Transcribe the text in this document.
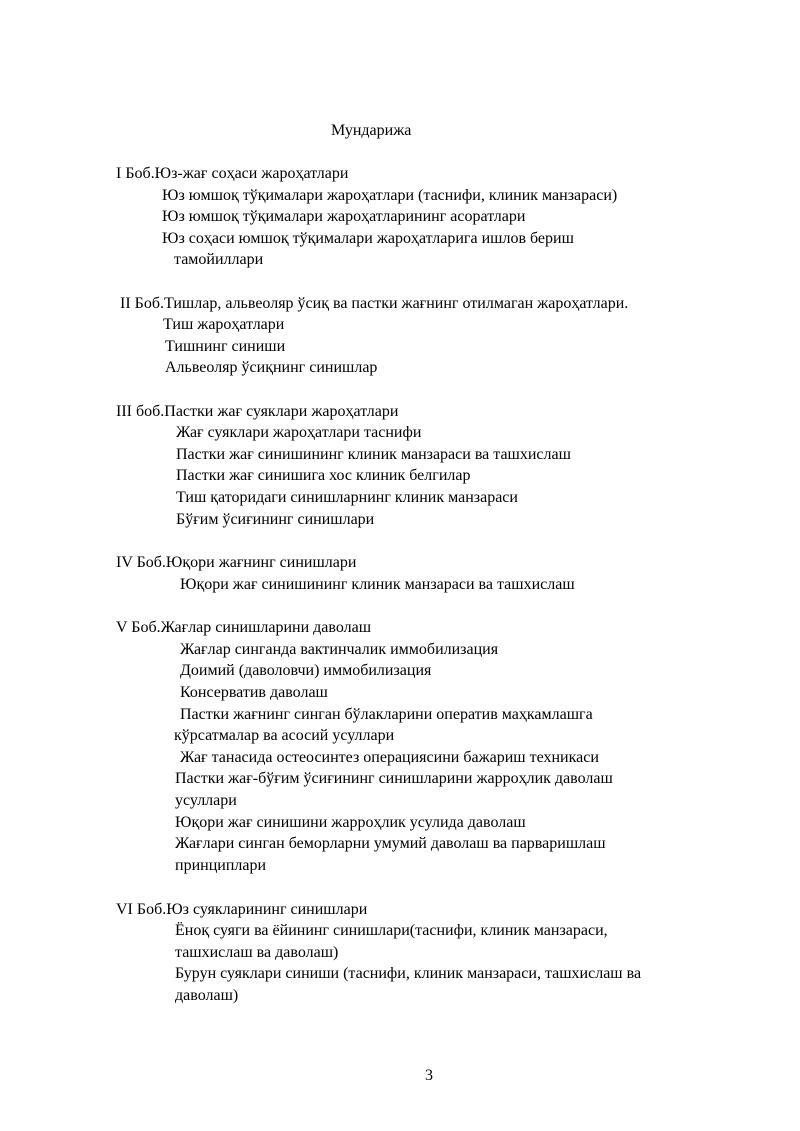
Мундарижа
I Боб.Юз-жағ соҳаси жароҳатлари
Юз юмшоқ тўқималари жароҳатлари (таснифи, клиник манзараси)
Юз юмшоқ тўқималари жароҳатларининг асоратлари
Юз соҳаси юмшоқ тўқималари жароҳатларига ишлов бериш
тамойиллари
II Боб.Тишлар, альвеоляр ўсиқ ва пастки жағнинг отилмаган жароҳатлари.
Тиш жароҳатлари
Тишнинг синиши
Альвеоляр ўсиқнинг синишлар
III боб.Пастки жағ суяклари жароҳатлари
Жағ суяклари жароҳатлари таснифи
Пастки жағ синишининг клиник манзараси ва ташхислаш
Пастки жағ синишига хос клиник белгилар
Тиш қаторидаги синишларнинг клиник манзараси
Бўғим ўсиғининг синишлари
IV Боб.Юқори жағнинг синишлари
Юқори жағ синишининг клиник манзараси ва ташхислаш
V Боб.Жағлар синишларини даволаш
Жағлар синганда вактинчалик иммобилизация
Доимий (даволовчи) иммобилизация
Консерватив даволаш
Пастки жағнинг синган бўлакларини оператив маҳкамлашга
кўрсатмалар ва асосий усуллари
Жағ танасида остеосинтез операциясини бажариш техникаси
Пастки жағ-бўғим ўсиғининг синишларини жарроҳлик даволаш
усуллари
Юқори жағ синишини жарроҳлик усулида даволаш
Жағлари синган беморларни умумий даволаш ва парваришлаш
принциплари
VI Боб.Юз суякларининг синишлари
Ёноқ суяги ва ёйининг синишлари(таснифи, клиник манзараси,
ташхислаш ва даволаш)
Бурун суяклари синиши (таснифи, клиник манзараси, ташхислаш ва
даволаш)
3
